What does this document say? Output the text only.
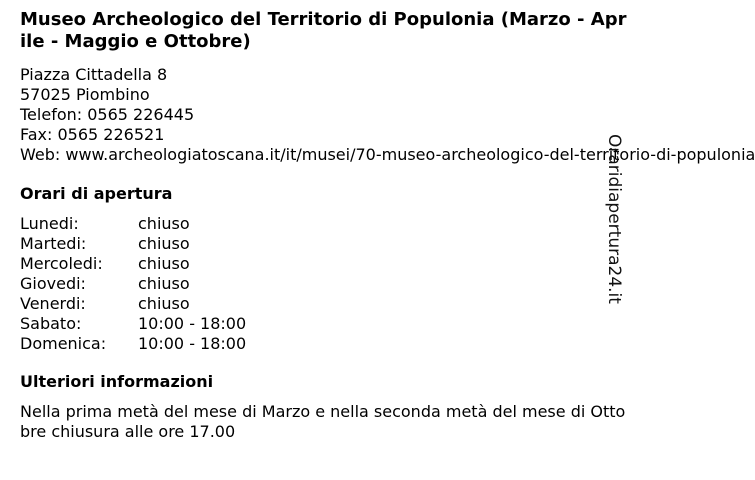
Museo Archeologico del Territorio di Populonia (Marzo - Aprile - Maggio e Ottobre)
Piazza Cittadella 8
57025 Piombino
Telefon: 0565 226445
Fax: 0565 226521
Web: www.archeologiatoscana.it/it/musei/70-museo-archeologico-del-territorio-di-populonia
Orari di apertura
Lunedi:	chiuso
Martedi:	chiuso
Mercoledi:	chiuso
Giovedi:	chiuso
Venerdi:	chiuso
Sabato:	10:00 - 18:00
Domenica:	10:00 - 18:00
Ulteriori informazioni
Nella prima metà del mese di Marzo e nella seconda metà del mese di Ottobre chiusura alle ore 17.00
Oraridiapertura24.it
